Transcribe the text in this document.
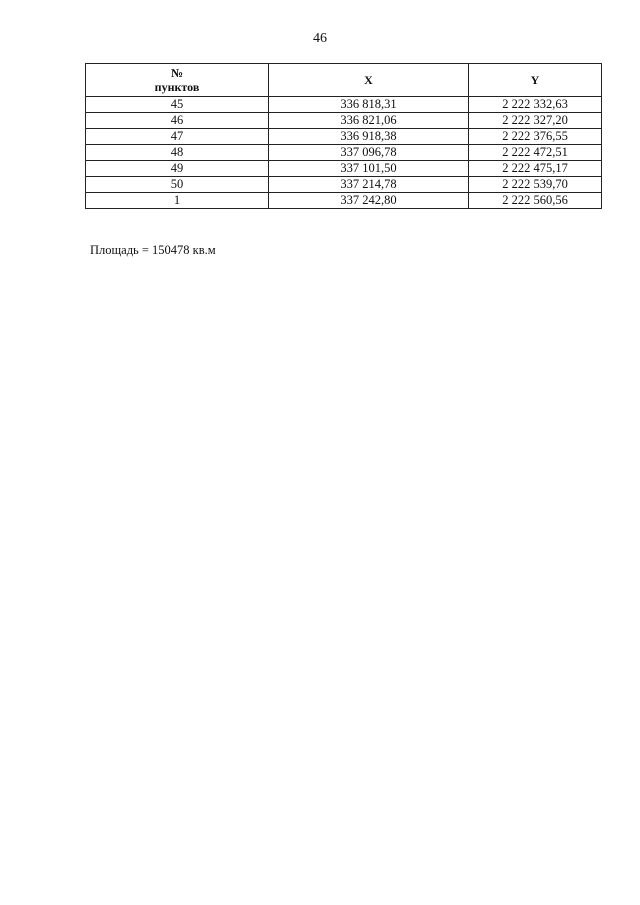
46
№
пунктов	X	Y
45	336 818,31	2 222 332,63
46	336 821,06	2 222 327,20
47	336 918,38	2 222 376,55
48	337 096,78	2 222 472,51
49	337 101,50	2 222 475,17
50	337 214,78	2 222 539,70
1	337 242,80	2 222 560,56
Площадь = 150478 кв.м
